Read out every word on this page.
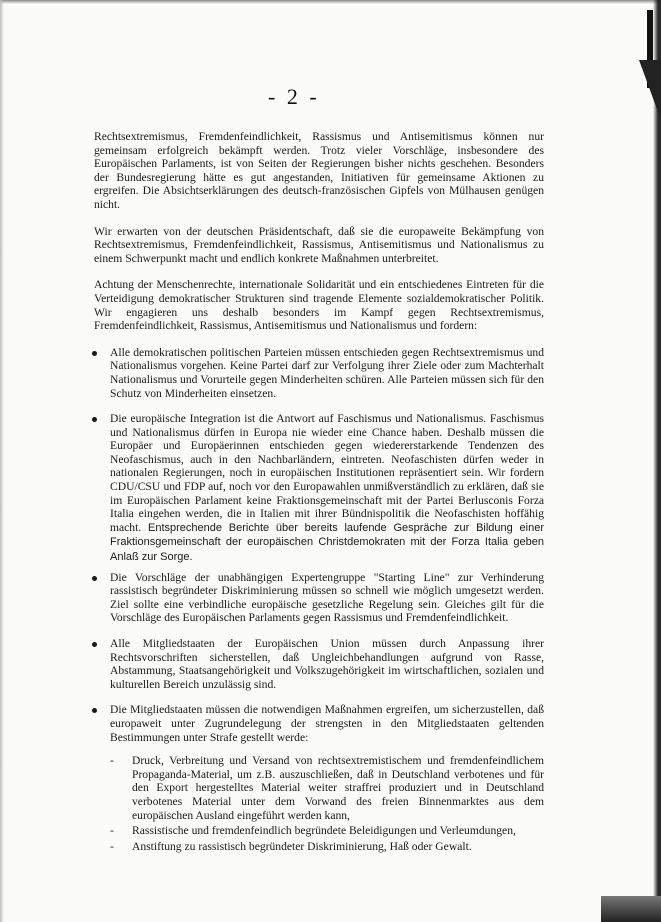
- 2 -

Rechtsextremismus, Fremdenfeindlichkeit, Rassismus und Antisemitismus können nur gemeinsam erfolgreich bekämpft werden. Trotz vieler Vorschläge, insbesondere des Europäischen Parlaments, ist von Seiten der Regierungen bisher nichts geschehen. Besonders der Bundesregierung hätte es gut angestanden, Initiativen für gemeinsame Aktionen zu ergreifen. Die Absichtserklärungen des deutsch-französischen Gipfels von Mülhausen genügen nicht.

Wir erwarten von der deutschen Präsidentschaft, daß sie die europaweite Bekämpfung von Rechtsextremismus, Fremdenfeindlichkeit, Rassismus, Antisemitismus und Nationalismus zu einem Schwerpunkt macht und endlich konkrete Maßnahmen unterbreitet.

Achtung der Menschenrechte, internationale Solidarität und ein entschiedenes Eintreten für die Verteidigung demokratischer Strukturen sind tragende Elemente sozialdemokratischer Politik. Wir engagieren uns deshalb besonders im Kampf gegen Rechtsextremismus, Fremdenfeindlichkeit, Rassismus, Antisemitismus und Nationalismus und fordern:

Alle demokratischen politischen Parteien müssen entschieden gegen Rechtsextremismus und Nationalismus vorgehen. Keine Partei darf zur Verfolgung ihrer Ziele oder zum Machterhalt Nationalismus und Vorurteile gegen Minderheiten schüren. Alle Parteien müssen sich für den Schutz von Minderheiten einsetzen.
Die europäische Integration ist die Antwort auf Faschismus und Nationalismus. Faschismus und Nationalismus dürfen in Europa nie wieder eine Chance haben. Deshalb müssen die Europäer und Europäerinnen entschieden gegen wiedererstarkende Tendenzen des Neofaschismus, auch in den Nachbarländern, eintreten. Neofaschisten dürfen weder in nationalen Regierungen, noch in europäischen Institutionen repräsentiert sein. Wir fordern CDU/CSU und FDP auf, noch vor den Europawahlen unmißverständlich zu erklären, daß sie im Europäischen Parlament keine Fraktionsgemeinschaft mit der Partei Berlusconis Forza Italia eingehen werden, die in Italien mit ihrer Bündnispolitik die Neofaschisten hoffähig macht. Entsprechende Berichte über bereits laufende Gespräche zur Bildung einer Fraktionsgemeinschaft der europäischen Christdemokraten mit der Forza Italia geben Anlaß zur Sorge.
Die Vorschläge der unabhängigen Expertengruppe "Starting Line" zur Verhinderung rassistisch begründeter Diskriminierung müssen so schnell wie möglich umgesetzt werden. Ziel sollte eine verbindliche europäische gesetzliche Regelung sein. Gleiches gilt für die Vorschläge des Europäischen Parlaments gegen Rassismus und Fremdenfeindlichkeit.
Alle Mitgliedstaaten der Europäischen Union müssen durch Anpassung ihrer Rechtsvorschriften sicherstellen, daß Ungleichbehandlungen aufgrund von Rasse, Abstammung, Staatsangehörigkeit und Volkszugehörigkeit im wirtschaftlichen, sozialen und kulturellen Bereich unzulässig sind.
Die Mitgliedstaaten müssen die notwendigen Maßnahmen ergreifen, um sicherzustellen, daß europaweit unter Zugrundelegung der strengsten in den Mitgliedstaaten geltenden Bestimmungen unter Strafe gestellt werde:
- Druck, Verbreitung und Versand von rechtsextremistischem und fremdenfeindlichem Propaganda-Material, um z.B. auszuschließen, daß in Deutschland verbotenes und für den Export hergestelltes Material weiter straffrei produziert und in Deutschland verbotenes Material unter dem Vorwand des freien Binnenmarktes aus dem europäischen Ausland eingeführt werden kann,
- Rassistische und fremdenfeindlich begründete Beleidigungen und Verleumdungen,
- Anstiftung zu rassistisch begründeter Diskriminierung, Haß oder Gewalt.
